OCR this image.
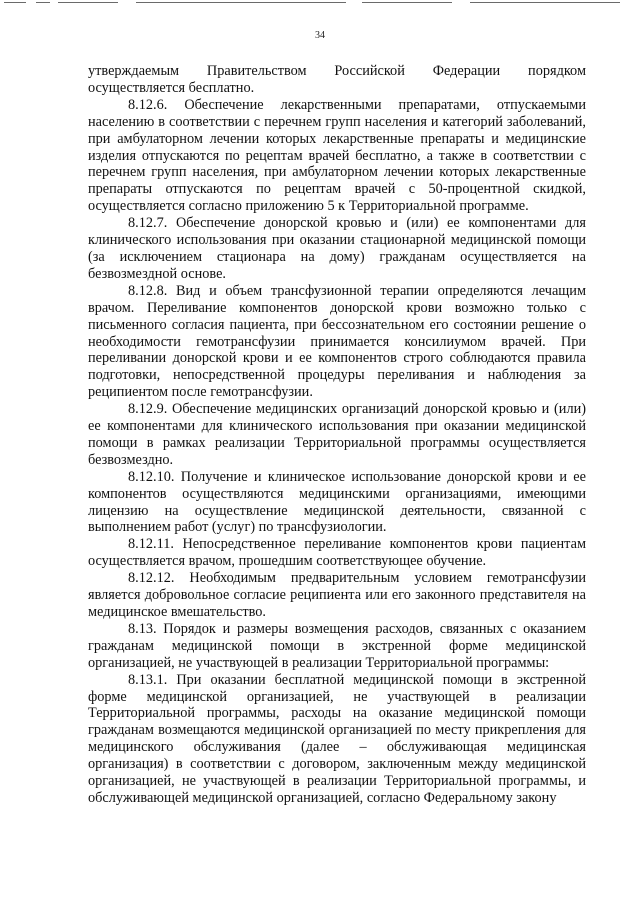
34

утверждаемым Правительством Российской Федерации порядком осуществляется бесплатно.

8.12.6. Обеспечение лекарственными препаратами, отпускаемыми населению в соответствии с перечнем групп населения и категорий заболеваний, при амбулаторном лечении которых лекарственные препараты и медицинские изделия отпускаются по рецептам врачей бесплатно, а также в соответствии с перечнем групп населения, при амбулаторном лечении которых лекарственные препараты отпускаются по рецептам врачей с 50-процентной скидкой, осуществляется согласно приложению 5 к Территориальной программе.

8.12.7. Обеспечение донорской кровью и (или) ее компонентами для клинического использования при оказании стационарной медицинской помощи (за исключением стационара на дому) гражданам осуществляется на безвозмездной основе.

8.12.8. Вид и объем трансфузионной терапии определяются лечащим врачом. Переливание компонентов донорской крови возможно только с письменного согласия пациента, при бессознательном его состоянии решение о необходимости гемотрансфузии принимается консилиумом врачей. При переливании донорской крови и ее компонентов строго соблюдаются правила подготовки, непосредственной процедуры переливания и наблюдения за реципиентом после гемотрансфузии.

8.12.9. Обеспечение медицинских организаций донорской кровью и (или) ее компонентами для клинического использования при оказании медицинской помощи в рамках реализации Территориальной программы осуществляется безвозмездно.

8.12.10. Получение и клиническое использование донорской крови и ее компонентов осуществляются медицинскими организациями, имеющими лицензию на осуществление медицинской деятельности, связанной с выполнением работ (услуг) по трансфузиологии.

8.12.11. Непосредственное переливание компонентов крови пациентам осуществляется врачом, прошедшим соответствующее обучение.

8.12.12. Необходимым предварительным условием гемотрансфузии является добровольное согласие реципиента или его законного представителя на медицинское вмешательство.

8.13. Порядок и размеры возмещения расходов, связанных с оказанием гражданам медицинской помощи в экстренной форме медицинской организацией, не участвующей в реализации Территориальной программы:

8.13.1. При оказании бесплатной медицинской помощи в экстренной форме медицинской организацией, не участвующей в реализации Территориальной программы, расходы на оказание медицинской помощи гражданам возмещаются медицинской организацией по месту прикрепления для медицинского обслуживания (далее – обслуживающая медицинская организация) в соответствии с договором, заключенным между медицинской организацией, не участвующей в реализации Территориальной программы, и обслуживающей медицинской организацией, согласно Федеральному закону
